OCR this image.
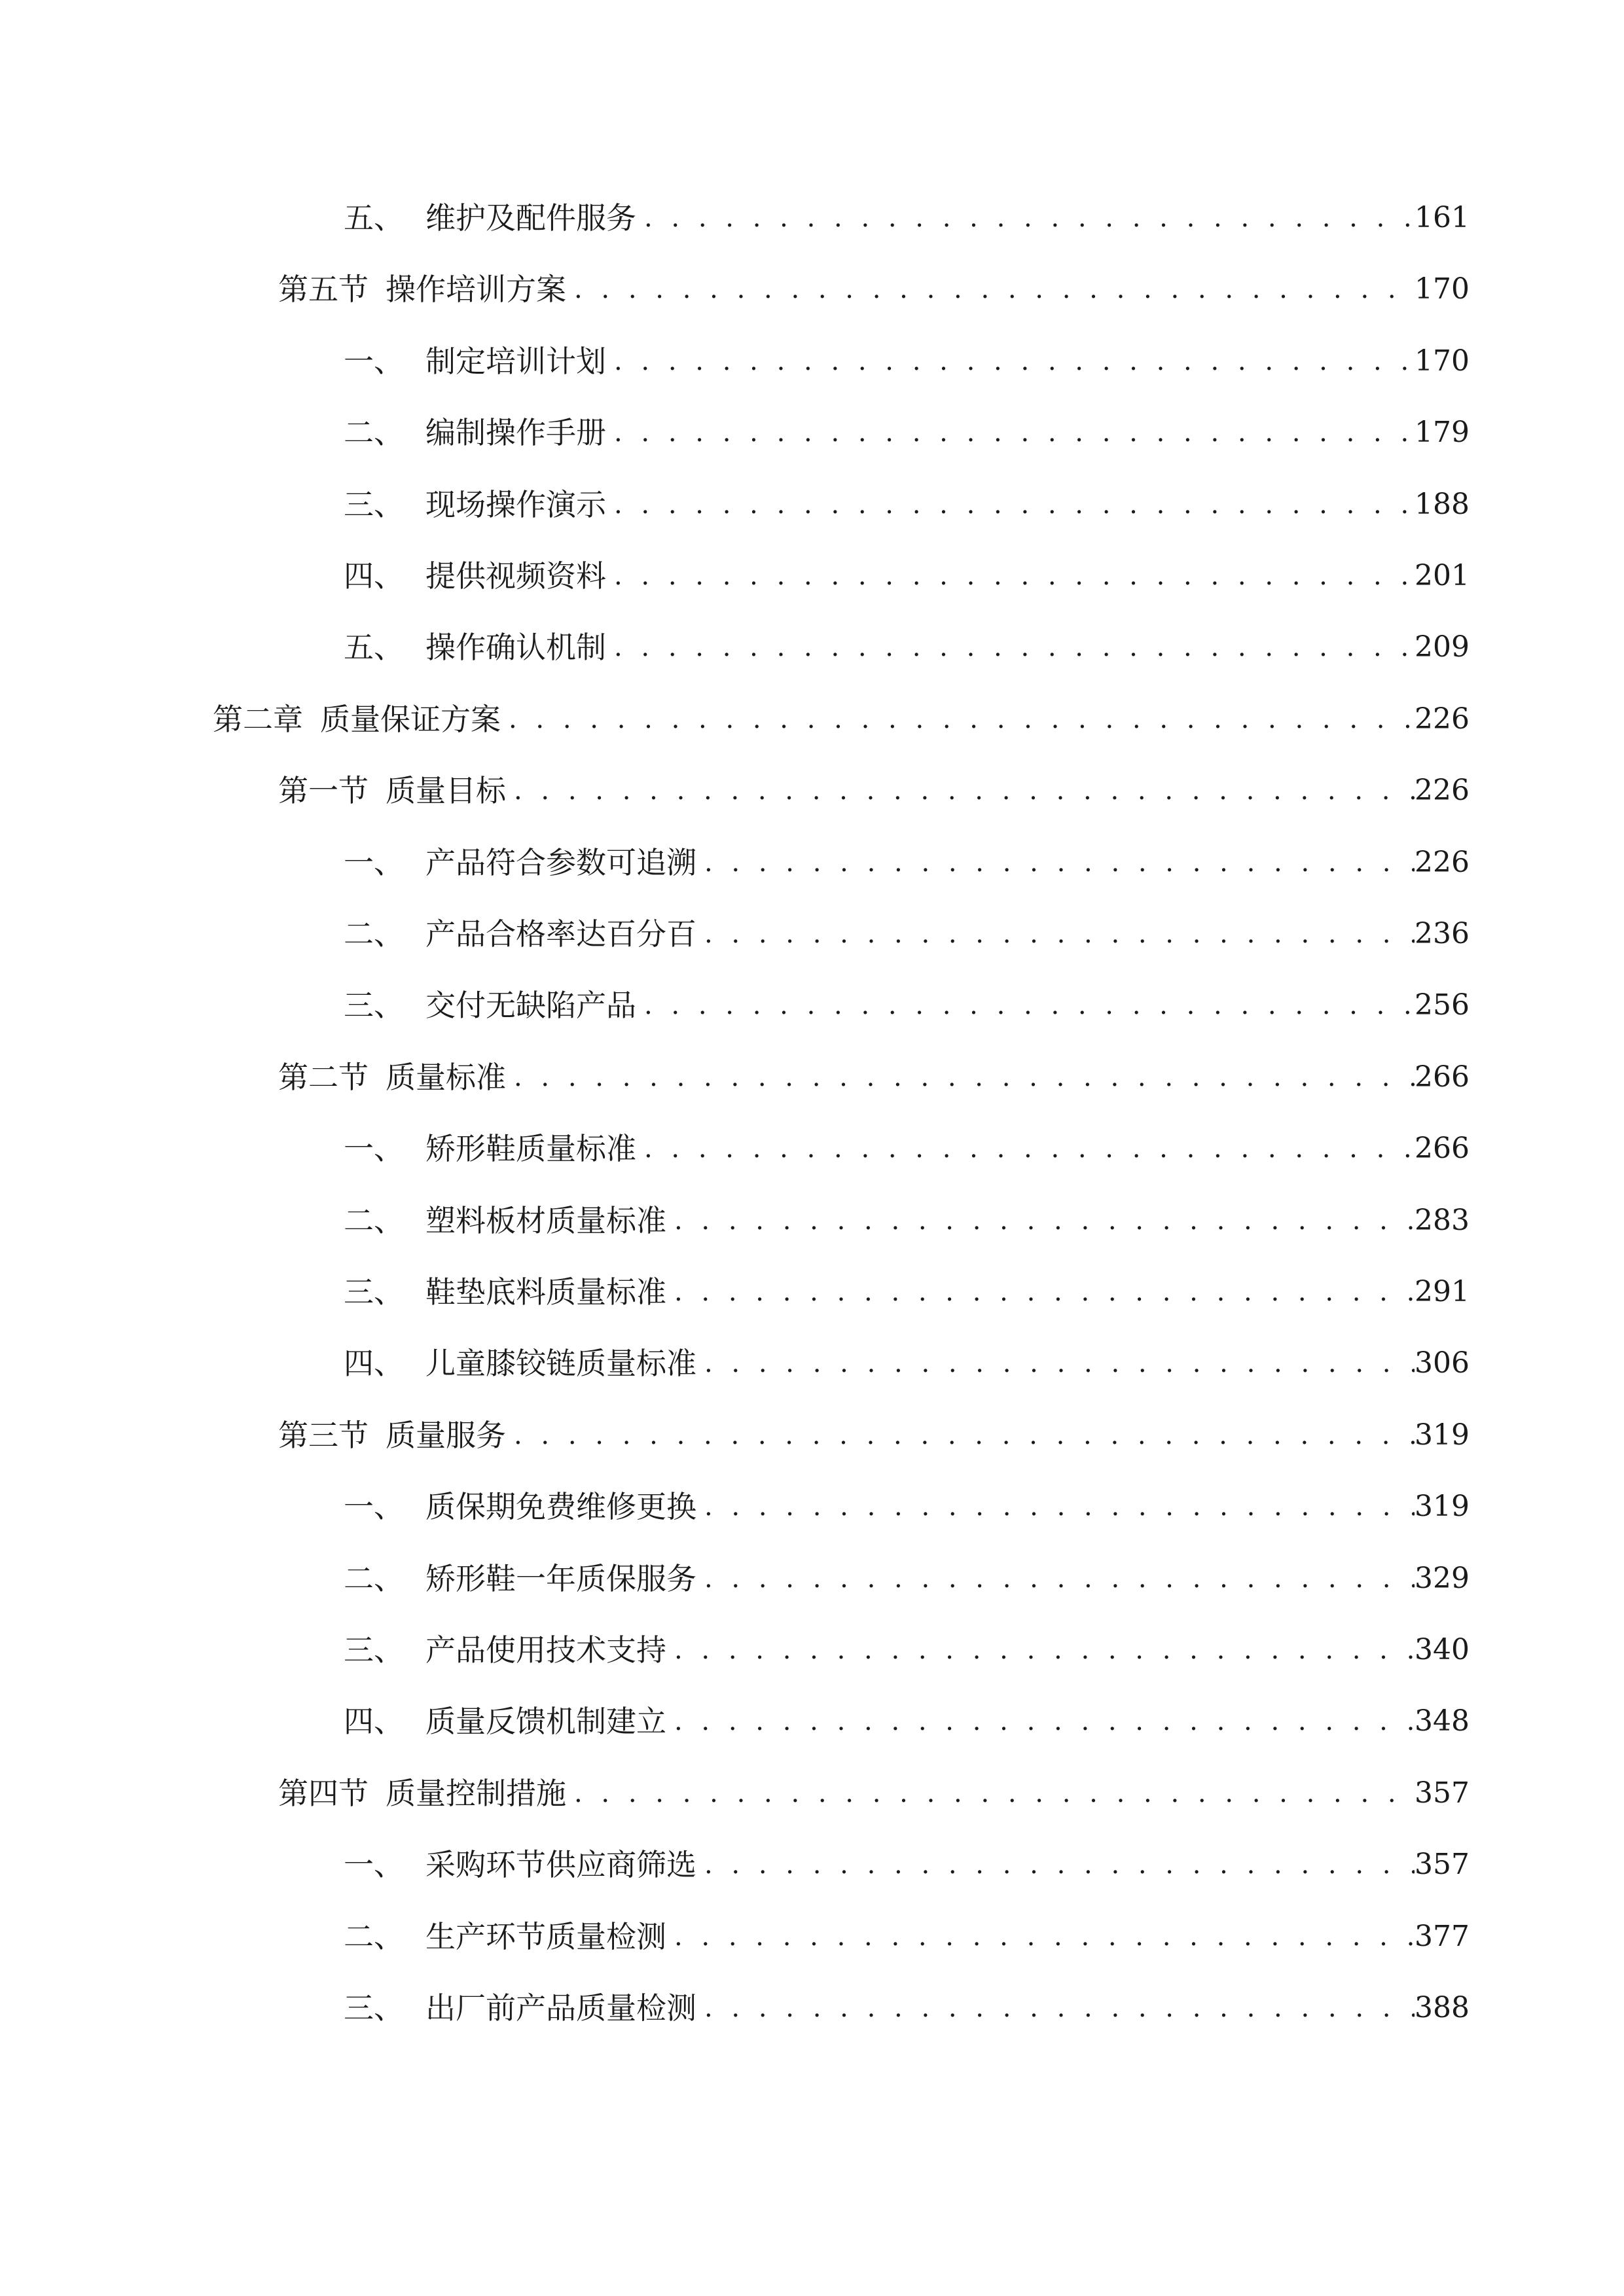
五、 维护及配件服务 . . .	161
第五节 操作培训方案 . . .	170
一、 制定培训计划 . . .	170
二、 编制操作手册 . . .	179
三、 现场操作演示 . . .	188
四、 提供视频资料 . . .	201
五、 操作确认机制 . . .	209
第二章 质量保证方案 . . .	226
第一节 质量目标 . . .	226
一、 产品符合参数可追溯 . . .	226
二、 产品合格率达百分百 . . .	236
三、 交付无缺陷产品 . . .	256
第二节 质量标准 . . .	266
一、 矫形鞋质量标准 . . .	266
二、 塑料板材质量标准 . . .	283
三、 鞋垫底料质量标准 . . .	291
四、 儿童膝铰链质量标准 . . .	306
第三节 质量服务 . . .	319
一、 质保期免费维修更换 . . .	319
二、 矫形鞋一年质保服务 . . .	329
三、 产品使用技术支持 . . .	340
四、 质量反馈机制建立 . . .	348
第四节 质量控制措施 . . .	357
一、 采购环节供应商筛选 . . .	357
二、 生产环节质量检测 . . .	377
三、 出厂前产品质量检测 . . .	388
